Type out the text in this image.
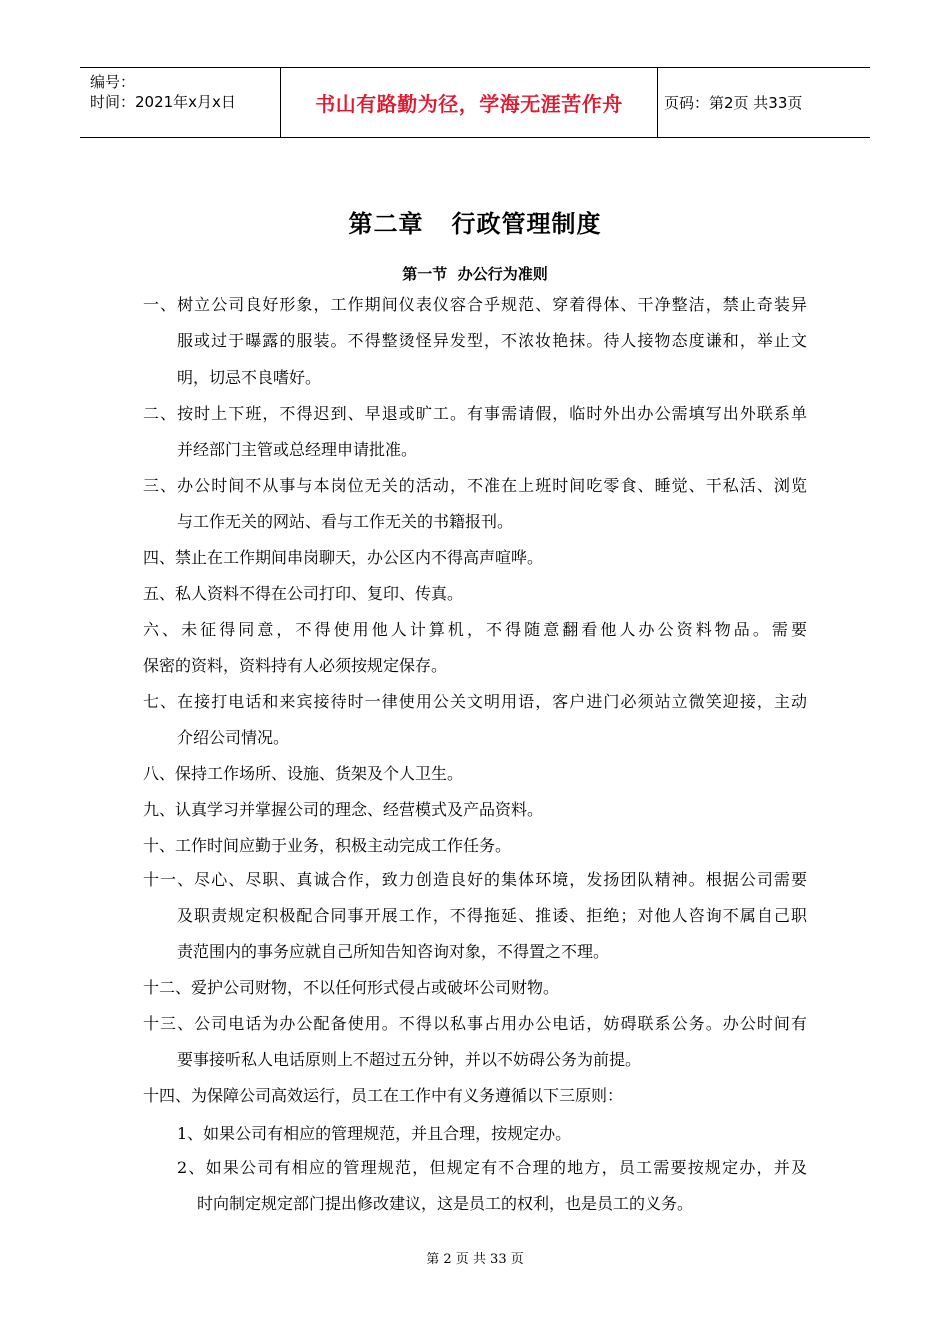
编号：
时间：2021年x月x日	书山有路勤为径，学海无涯苦作舟	页码：第2页 共33页
第二章   行政管理制度
第一节  办公行为准则
一、树立公司良好形象，工作期间仪表仪容合乎规范、穿着得体、干净整洁，禁止奇装异
服或过于曝露的服装。不得整烫怪异发型，不浓妆艳抹。待人接物态度谦和，举止文
明，切忌不良嗜好。
二、按时上下班，不得迟到、早退或旷工。有事需请假，临时外出办公需填写出外联系单
并经部门主管或总经理申请批准。
三、办公时间不从事与本岗位无关的活动，不准在上班时间吃零食、睡觉、干私活、浏览
与工作无关的网站、看与工作无关的书籍报刊。
四、禁止在工作期间串岗聊天，办公区内不得高声喧哗。
五、私人资料不得在公司打印、复印、传真。
六、未征得同意，不得使用他人计算机，不得随意翻看他人办公资料物品。需要
保密的资料，资料持有人必须按规定保存。
七、在接打电话和来宾接待时一律使用公关文明用语，客户进门必须站立微笑迎接，主动
介绍公司情况。
八、保持工作场所、设施、货架及个人卫生。
九、认真学习并掌握公司的理念、经营模式及产品资料。
十、工作时间应勤于业务，积极主动完成工作任务。
十一、尽心、尽职、真诚合作，致力创造良好的集体环境，发扬团队精神。根据公司需要
及职责规定积极配合同事开展工作，不得拖延、推诿、拒绝；对他人咨询不属自己职
责范围内的事务应就自己所知告知咨询对象，不得置之不理。
十二、爱护公司财物，不以任何形式侵占或破坏公司财物。
十三、公司电话为办公配备使用。不得以私事占用办公电话，妨碍联系公务。办公时间有
要事接听私人电话原则上不超过五分钟，并以不妨碍公务为前提。
十四、为保障公司高效运行，员工在工作中有义务遵循以下三原则：
1、如果公司有相应的管理规范，并且合理，按规定办。
2、如果公司有相应的管理规范，但规定有不合理的地方，员工需要按规定办，并及
时向制定规定部门提出修改建议，这是员工的权利，也是员工的义务。
第 2 页 共 33 页
